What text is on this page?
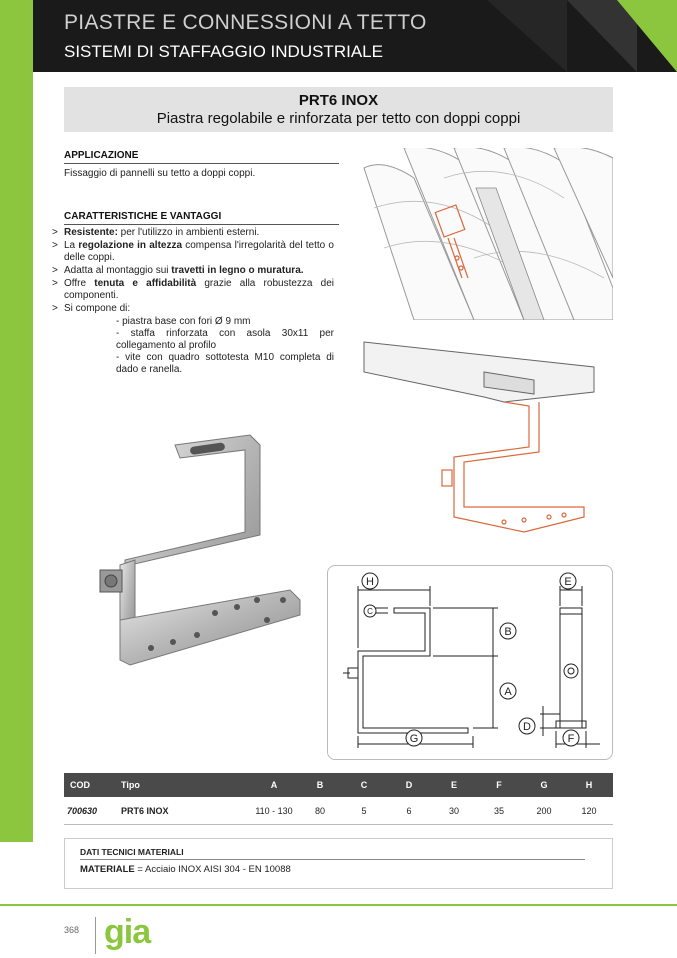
PIASTRE E CONNESSIONI A TETTO
SISTEMI DI STAFFAGGIO INDUSTRIALE
PRT6 INOX
Piastra regolabile e rinforzata per tetto con doppi coppi
APPLICAZIONE
Fissaggio di pannelli su tetto a doppi coppi.
CARATTERISTICHE E VANTAGGI
> Resistente: per l'utilizzo in ambienti esterni.
> La regolazione in altezza compensa l'irregolarità del tetto o delle coppi.
> Adatta al montaggio sui travetti in legno o muratura.
> Offre tenuta e affidabilità grazie alla robustezza dei componenti.
> Si compone di:
- piastra base con fori Ø 9 mm
- staffa rinforzata con asola 30x11 per collegamento al profilo
- vite con quadro sottotesta M10 completa di dado e ranella.
H	E
C
B
A
D
G	F
COD	Tipo	A	B	C	D	E	F	G	H
700630	PRT6 INOX	110 - 130	80	5	6	30	35	200	120
DATI TECNICI MATERIALI
MATERIALE = Acciaio INOX AISI 304 - EN 10088
368 gia
